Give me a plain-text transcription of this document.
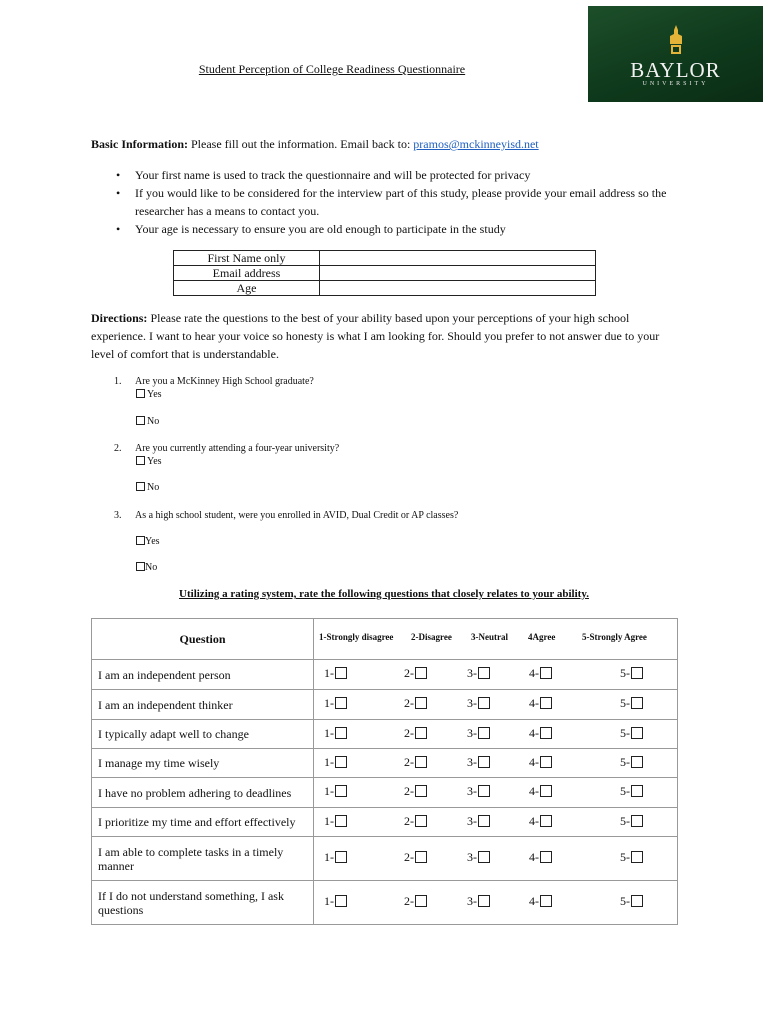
BAYLOR
UNIVERSITY
Student Perception of College Readiness Questionnaire
Basic Information: Please fill out the information. Email back to: pramos@mckinneyisd.net
• Your first name is used to track the questionnaire and will be protected for privacy
• If you would like to be considered for the interview part of this study, please provide your email address so the researcher has a means to contact you.
• Your age is necessary to ensure you are old enough to participate in the study
First Name only	
Email address	
Age	
Directions: Please rate the questions to the best of your ability based upon your perceptions of your high school experience. I want to hear your voice so honesty is what I am looking for. Should you prefer to not answer due to your level of comfort that is understandable.
1. Are you a McKinney High School graduate?
Yes
No
2. Are you currently attending a four-year university?
Yes
No
3. As a high school student, were you enrolled in AVID, Dual Credit or AP classes?
Yes
No
Utilizing a rating system, rate the following questions that closely relates to your ability.
Question	1-Strongly disagree 2-Disagree 3-Neutral 4Agree 5-Strongly Agree

I am an independent person	1- 2- 3- 4- 5-

I am an independent thinker	1- 2- 3- 4- 5-

I typically adapt well to change	1- 2- 3- 4- 5-

I manage my time wisely	1- 2- 3- 4- 5-

I have no problem adhering to deadlines	1- 2- 3- 4- 5-

I prioritize my time and effort effectively	1- 2- 3- 4- 5-

I am able to complete tasks in a timely manner	1- 2- 3- 4- 5-

If I do not understand something, I ask questions	1- 2- 3- 4- 5-
